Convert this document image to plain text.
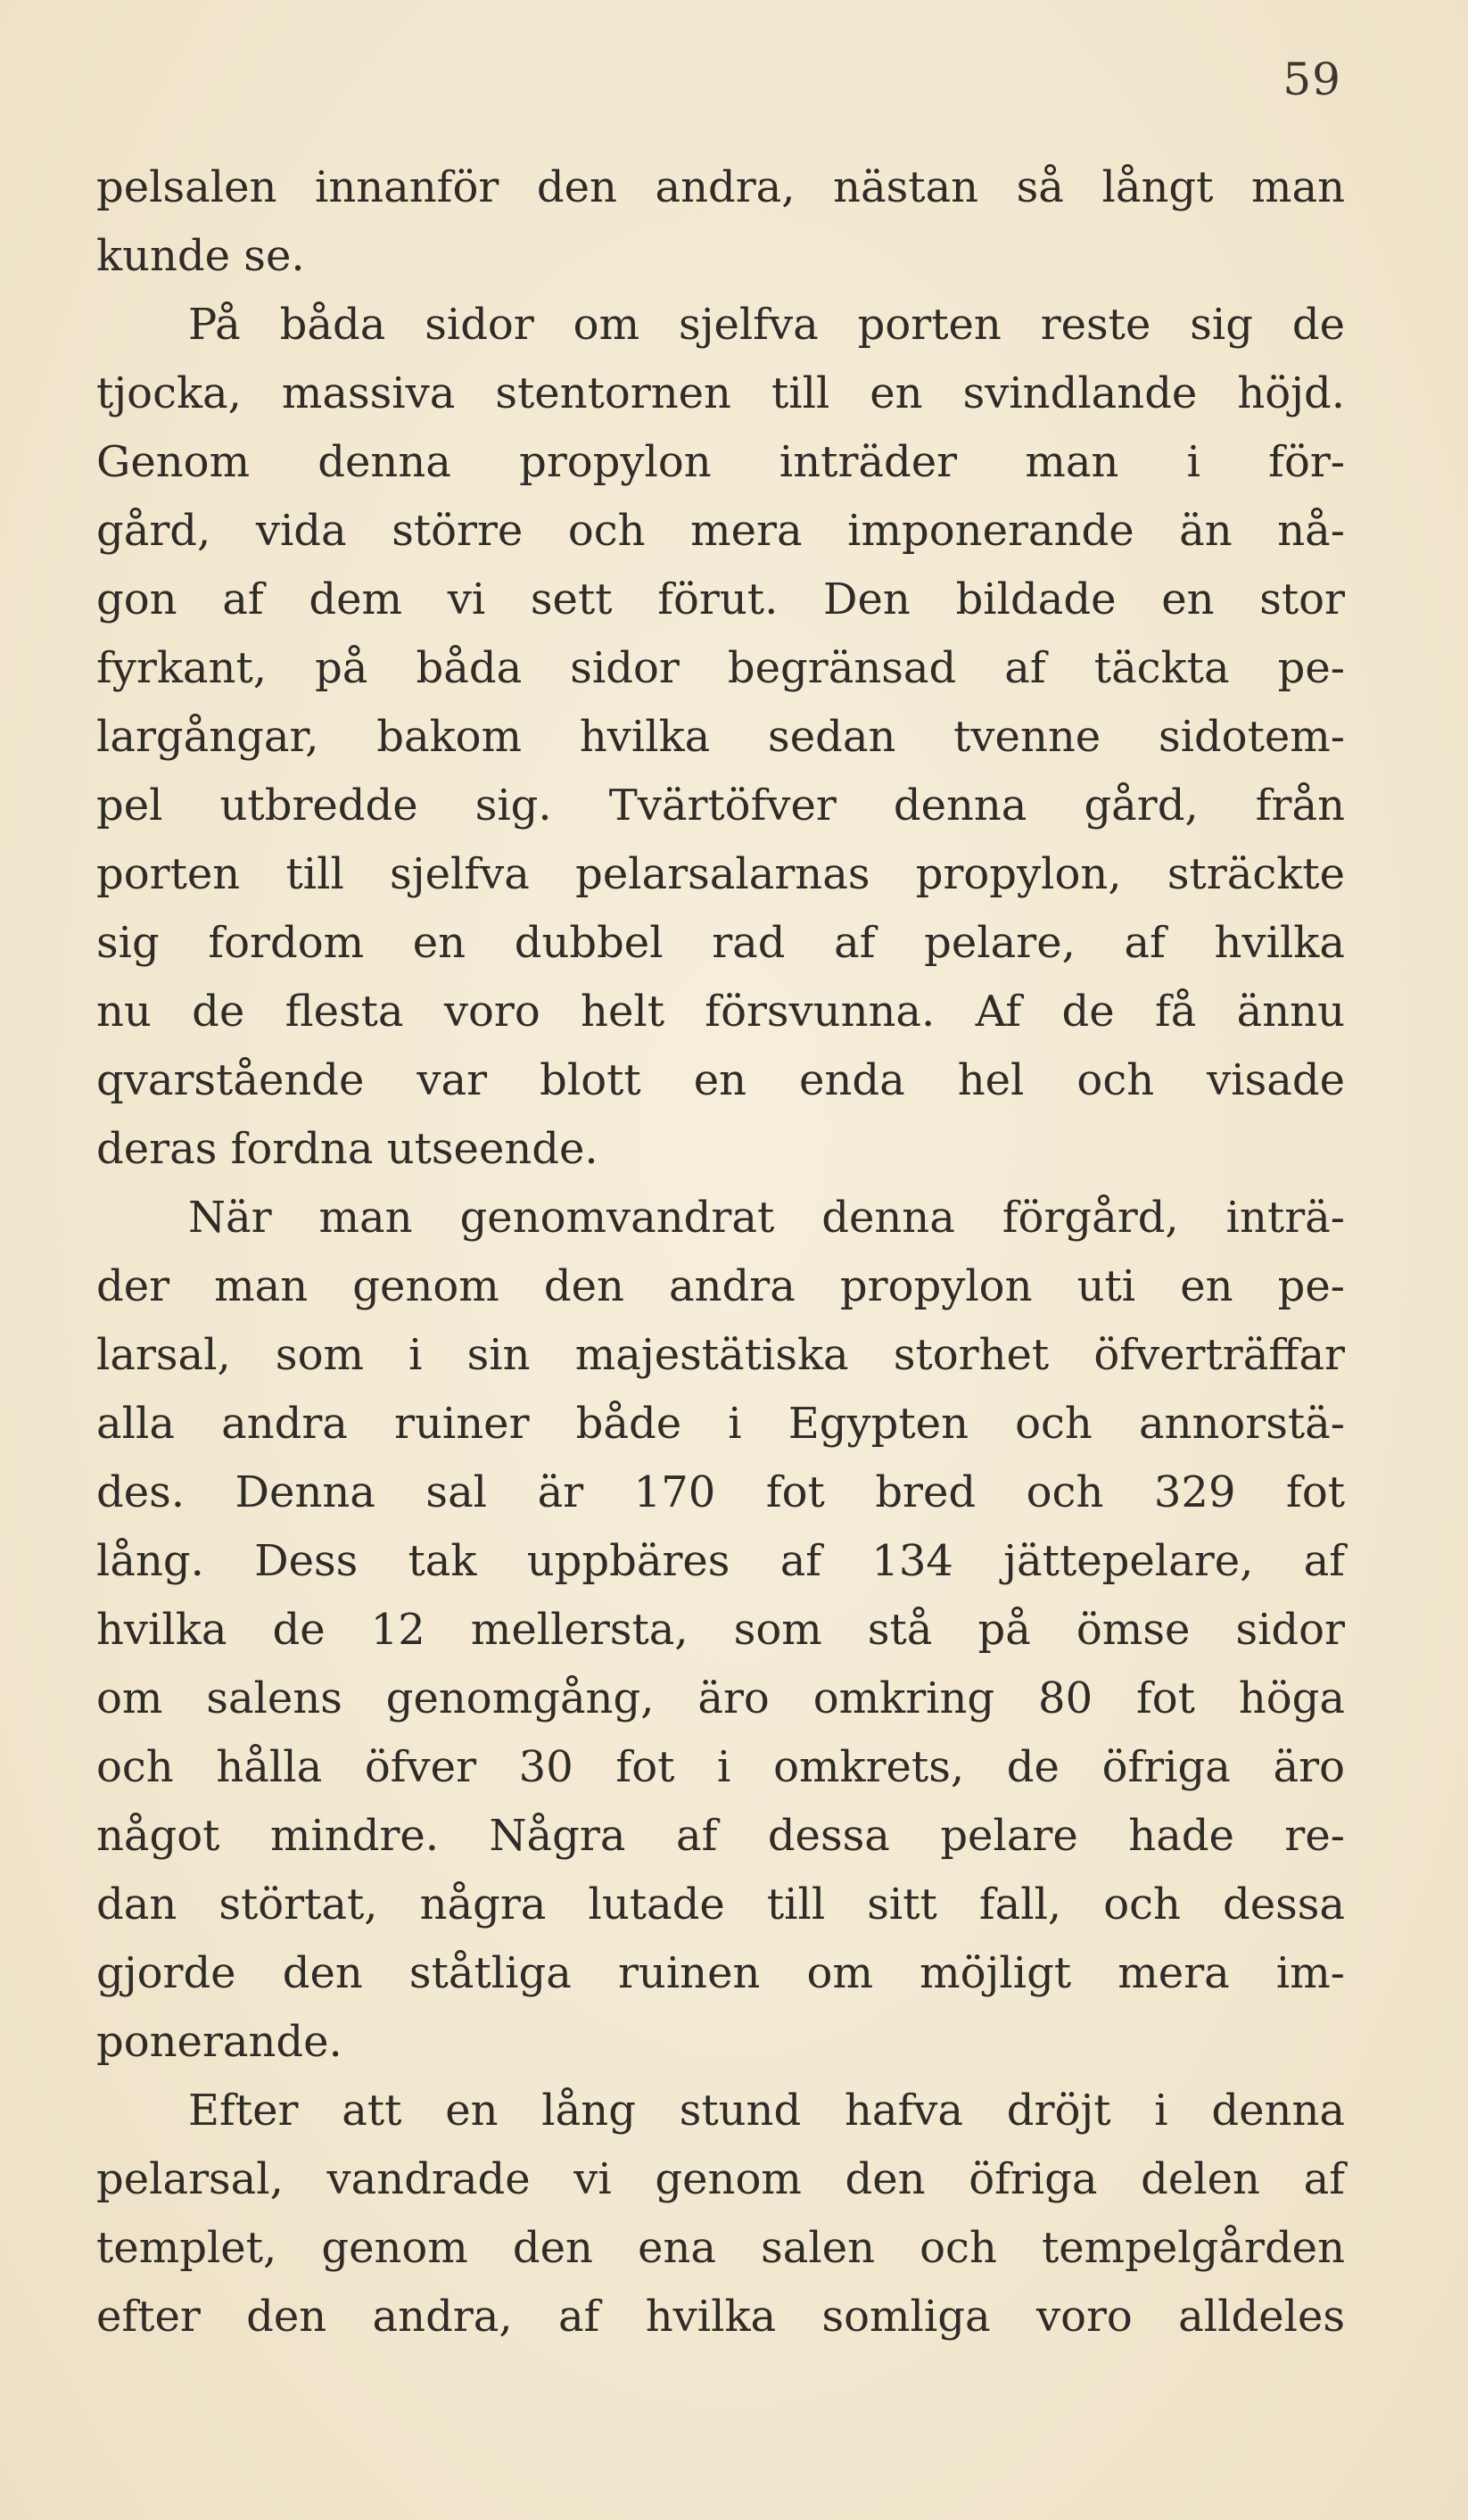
59
pelsalen innanför den andra, nästan så långt man
kunde se.
På båda sidor om sjelfva porten reste sig de
tjocka, massiva stentornen till en svindlande höjd.
Genom denna propylon inträder man i för-
gård, vida större och mera imponerande än nå-
gon af dem vi sett förut. Den bildade en stor
fyrkant, på båda sidor begränsad af täckta pe-
largångar, bakom hvilka sedan tvenne sidotem-
pel utbredde sig. Tvärtöfver denna gård, från
porten till sjelfva pelarsalarnas propylon, sträckte
sig fordom en dubbel rad af pelare, af hvilka
nu de flesta voro helt försvunna. Af de få ännu
qvarstående var blott en enda hel och visade
deras fordna utseende.
När man genomvandrat denna förgård, inträ-
der man genom den andra propylon uti en pe-
larsal, som i sin majestätiska storhet öfverträffar
alla andra ruiner både i Egypten och annorstä-
des. Denna sal är 170 fot bred och 329 fot
lång. Dess tak uppbäres af 134 jättepelare, af
hvilka de 12 mellersta, som stå på ömse sidor
om salens genomgång, äro omkring 80 fot höga
och hålla öfver 30 fot i omkrets, de öfriga äro
något mindre. Några af dessa pelare hade re-
dan störtat, några lutade till sitt fall, och dessa
gjorde den ståtliga ruinen om möjligt mera im-
ponerande.
Efter att en lång stund hafva dröjt i denna
pelarsal, vandrade vi genom den öfriga delen af
templet, genom den ena salen och tempelgården
efter den andra, af hvilka somliga voro alldeles
